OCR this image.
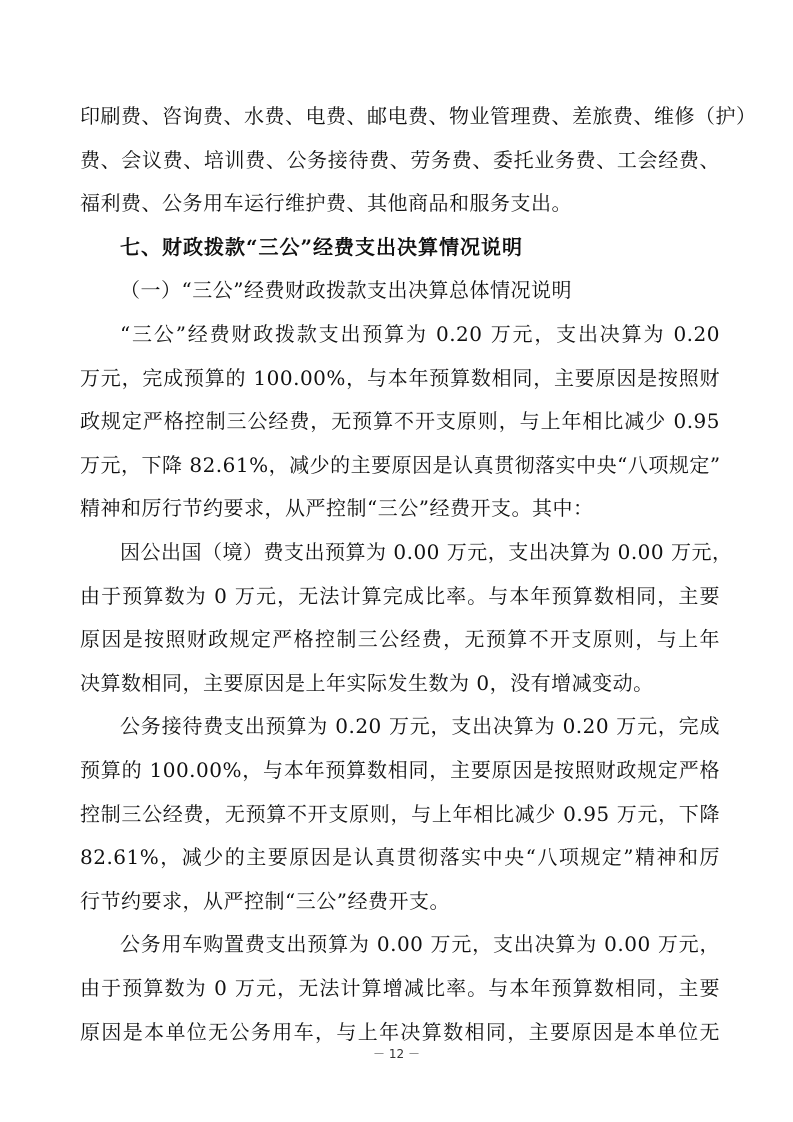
印刷费、咨询费、水费、电费、邮电费、物业管理费、差旅费、维修（护）
费、会议费、培训费、公务接待费、劳务费、委托业务费、工会经费、
福利费、公务用车运行维护费、其他商品和服务支出。
七、财政拨款“三公”经费支出决算情况说明
（一）“三公”经费财政拨款支出决算总体情况说明
“三公”经费财政拨款支出预算为 0.20 万元，支出决算为 0.20
万元，完成预算的 100.00%，与本年预算数相同，主要原因是按照财
政规定严格控制三公经费，无预算不开支原则，与上年相比减少 0.95
万元，下降 82.61%，减少的主要原因是认真贯彻落实中央“八项规定”
精神和厉行节约要求，从严控制“三公”经费开支。其中：
因公出国（境）费支出预算为 0.00 万元，支出决算为 0.00 万元，
由于预算数为 0 万元，无法计算完成比率。与本年预算数相同，主要
原因是按照财政规定严格控制三公经费，无预算不开支原则，与上年
决算数相同，主要原因是上年实际发生数为 0，没有增减变动。
公务接待费支出预算为 0.20 万元，支出决算为 0.20 万元，完成
预算的 100.00%，与本年预算数相同，主要原因是按照财政规定严格
控制三公经费，无预算不开支原则，与上年相比减少 0.95 万元，下降
82.61%，减少的主要原因是认真贯彻落实中央“八项规定”精神和厉
行节约要求，从严控制“三公”经费开支。
公务用车购置费支出预算为 0.00 万元，支出决算为 0.00 万元，
－ 12 －
由于预算数为 0 万元，无法计算增减比率。与本年预算数相同，主要
原因是本单位无公务用车，与上年决算数相同，主要原因是本单位无
